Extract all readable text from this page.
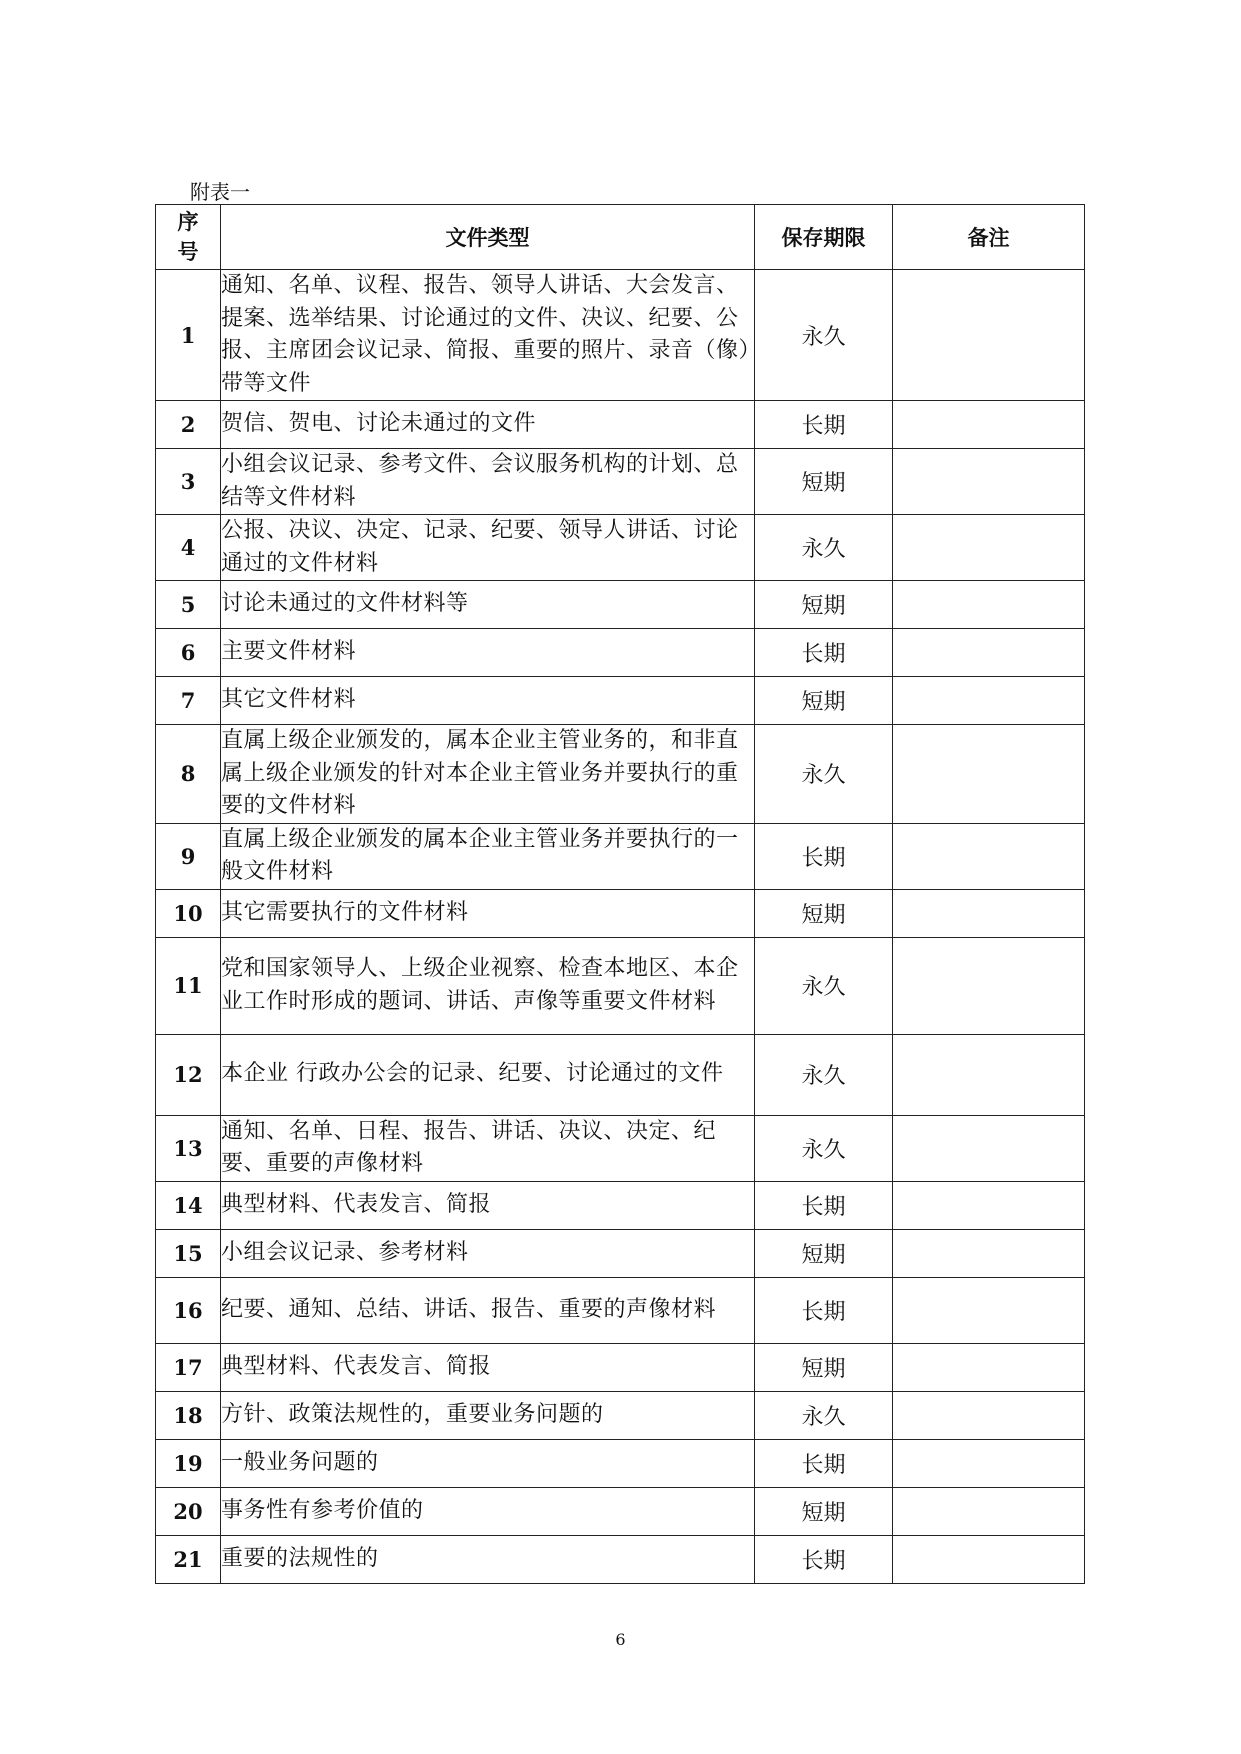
附表一
序
号	文件类型	保存期限	备注
1	通知、名单、议程、报告、领导人讲话、大会发言、提案、选举结果、讨论通过的文件、决议、纪要、公报、主席团会议记录、简报、重要的照片、录音（像）带等文件	永久	
2	贺信、贺电、讨论未通过的文件	长期	
3	小组会议记录、参考文件、会议服务机构的计划、总结等文件材料	短期	
4	公报、决议、决定、记录、纪要、领导人讲话、讨论通过的文件材料	永久	
5	讨论未通过的文件材料等	短期	
6	主要文件材料	长期	
7	其它文件材料	短期	
8	直属上级企业颁发的，属本企业主管业务的，和非直属上级企业颁发的针对本企业主管业务并要执行的重要的文件材料	永久	
9	直属上级企业颁发的属本企业主管业务并要执行的一般文件材料	长期	
10	其它需要执行的文件材料	短期	
11	党和国家领导人、上级企业视察、检查本地区、本企业工作时形成的题词、讲话、声像等重要文件材料	永久	
12	本企业 行政办公会的记录、纪要、讨论通过的文件	永久	
13	通知、名单、日程、报告、讲话、决议、决定、纪要、重要的声像材料	永久	
14	典型材料、代表发言、简报	长期	
15	小组会议记录、参考材料	短期	
16	纪要、通知、总结、讲话、报告、重要的声像材料	长期	
17	典型材料、代表发言、简报	短期	
18	方针、政策法规性的，重要业务问题的	永久	
19	一般业务问题的	长期	
20	事务性有参考价值的	短期	
21	重要的法规性的	长期	
6
